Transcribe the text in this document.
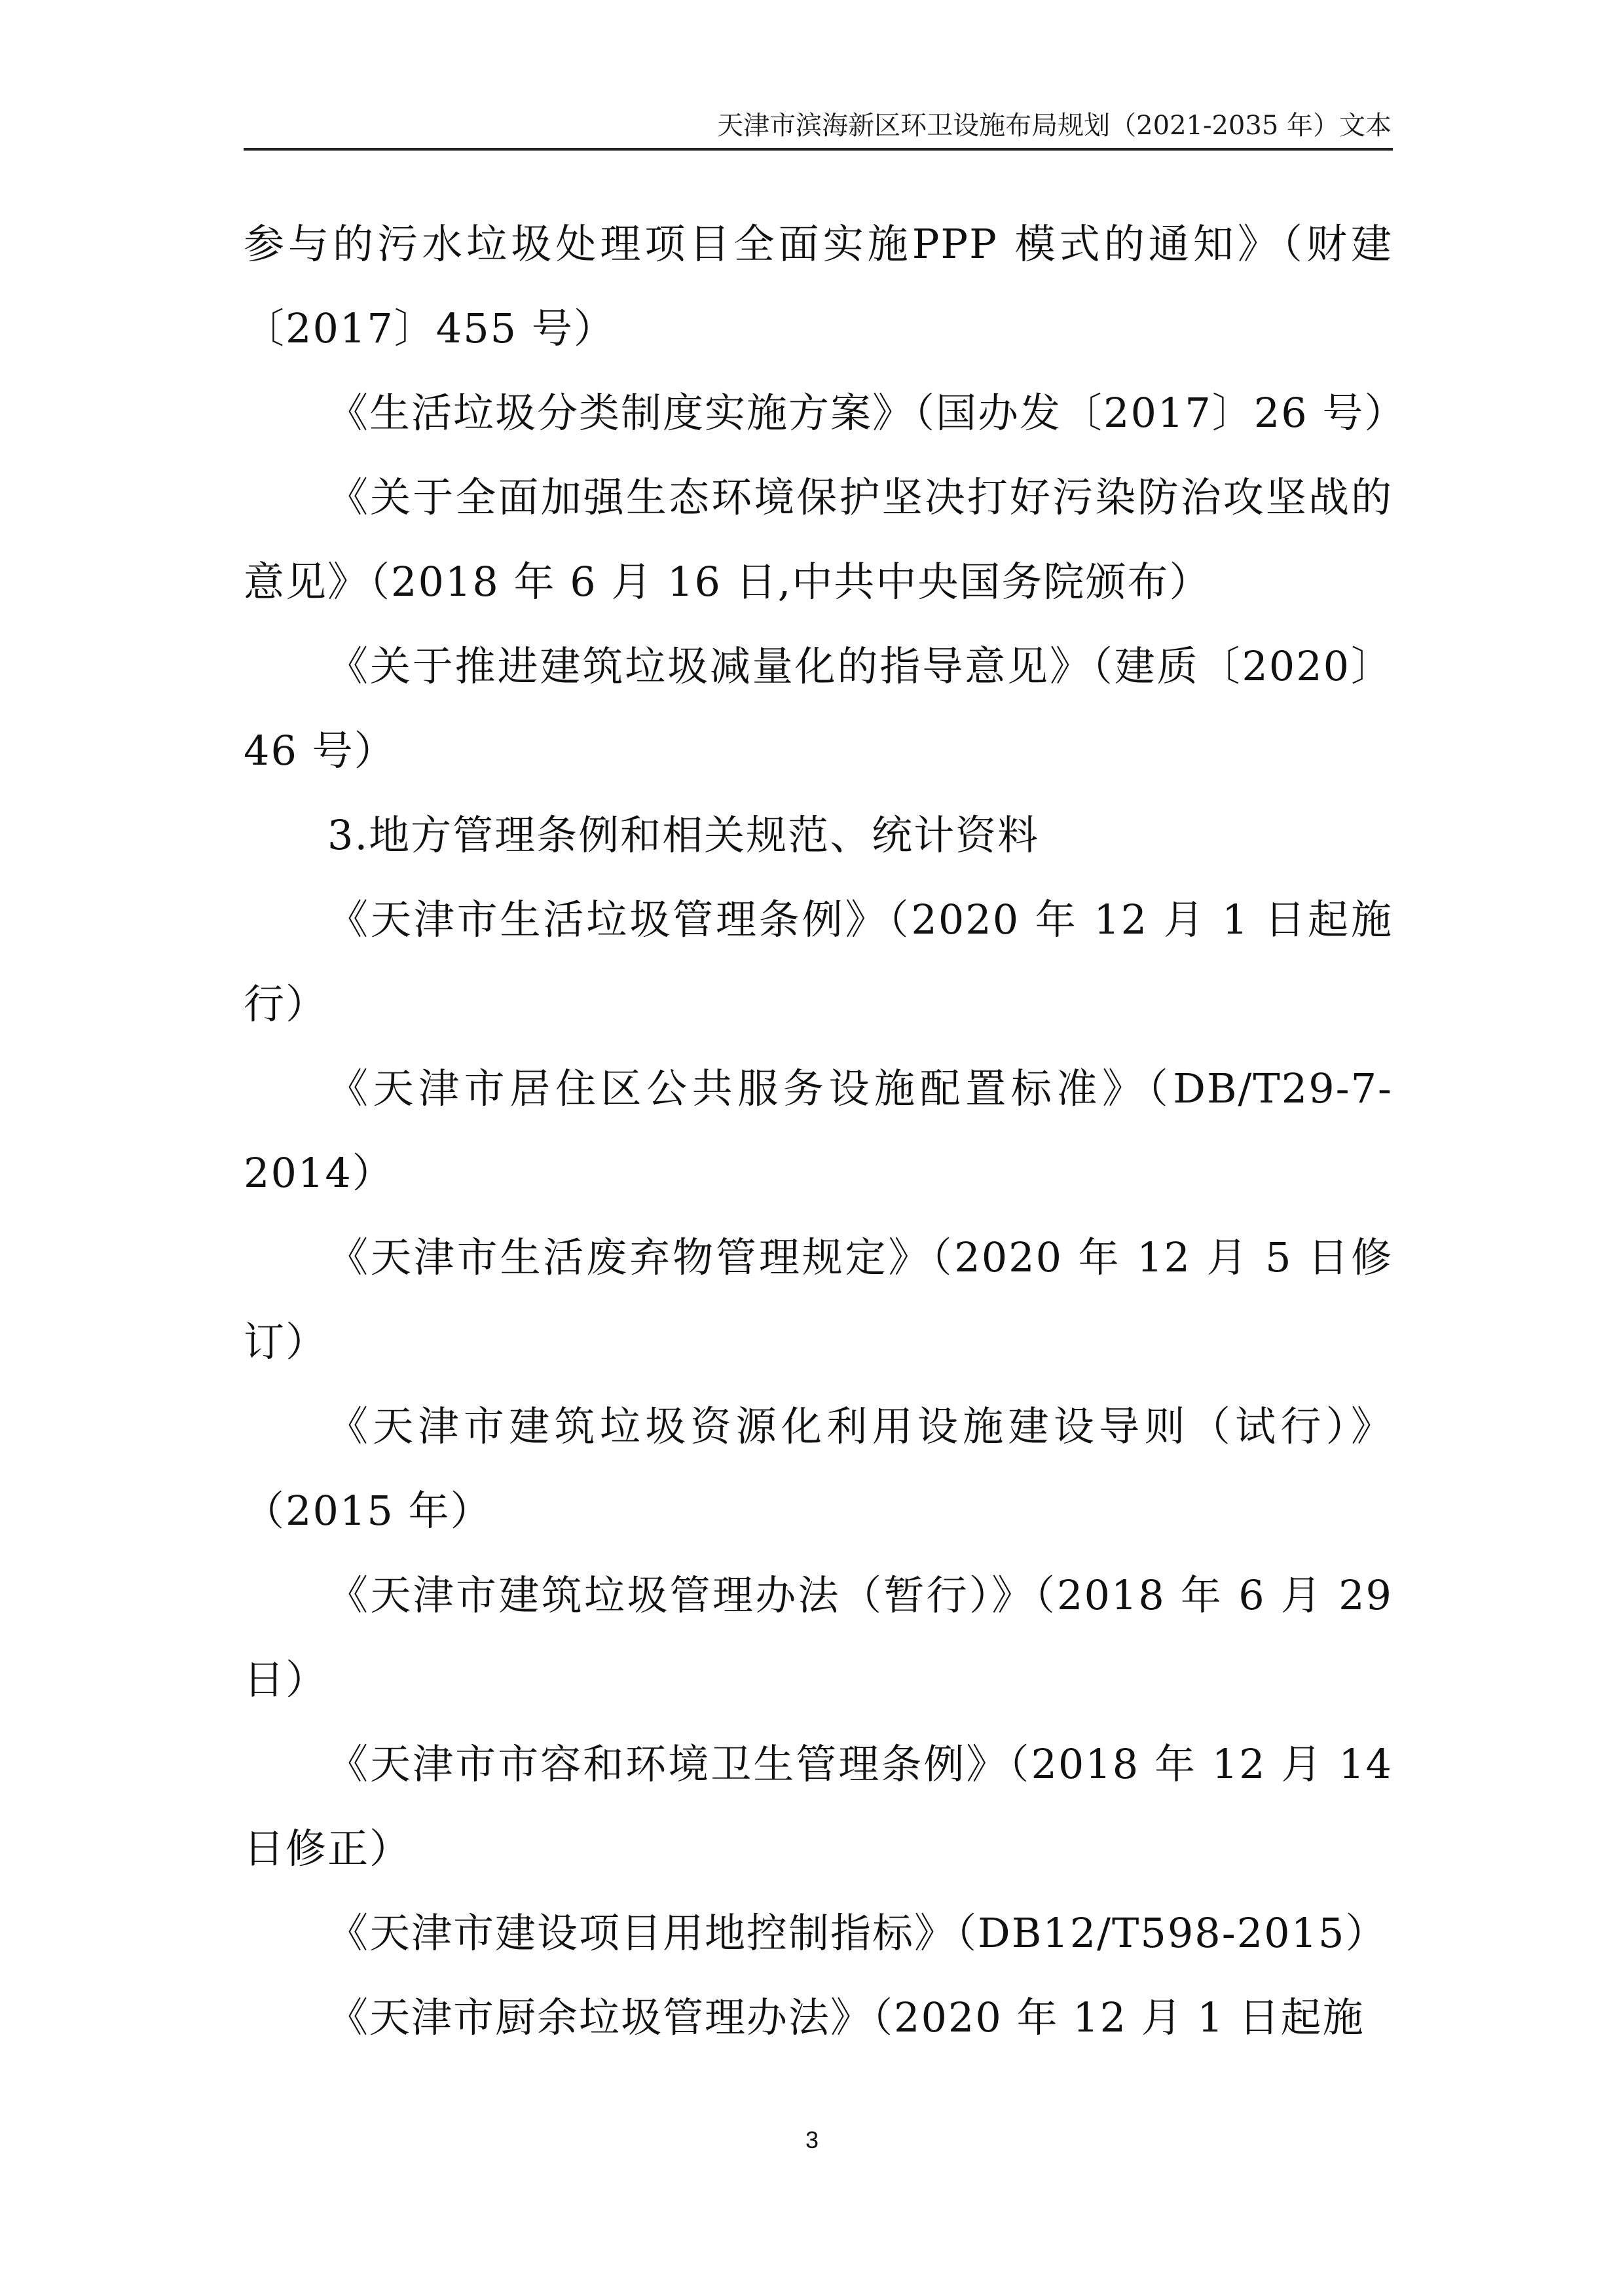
天津市滨海新区环卫设施布局规划（2021-2035 年）文本

参与的污水垃圾处理项目全面实施PPP 模式的通知》（财建〔2017〕455 号）

《生活垃圾分类制度实施方案》（国办发〔2017〕26 号）

《关于全面加强生态环境保护坚决打好污染防治攻坚战的意见》（2018 年 6 月 16 日,中共中央国务院颁布）

《关于推进建筑垃圾减量化的指导意见》（建质〔2020〕46 号）

3.地方管理条例和相关规范、统计资料

《天津市生活垃圾管理条例》（2020 年 12 月 1 日起施行）

《天津市居住区公共服务设施配置标准》（DB/T29-7-2014）

《天津市生活废弃物管理规定》（2020 年 12 月 5 日修订）

《天津市建筑垃圾资源化利用设施建设导则（试行）》（2015 年）

《天津市建筑垃圾管理办法（暂行）》（2018 年 6 月 29 日）

《天津市市容和环境卫生管理条例》（2018 年 12 月 14 日修正）

《天津市建设项目用地控制指标》（DB12/T598-2015）

《天津市厨余垃圾管理办法》（2020 年 12 月 1 日起施

3
